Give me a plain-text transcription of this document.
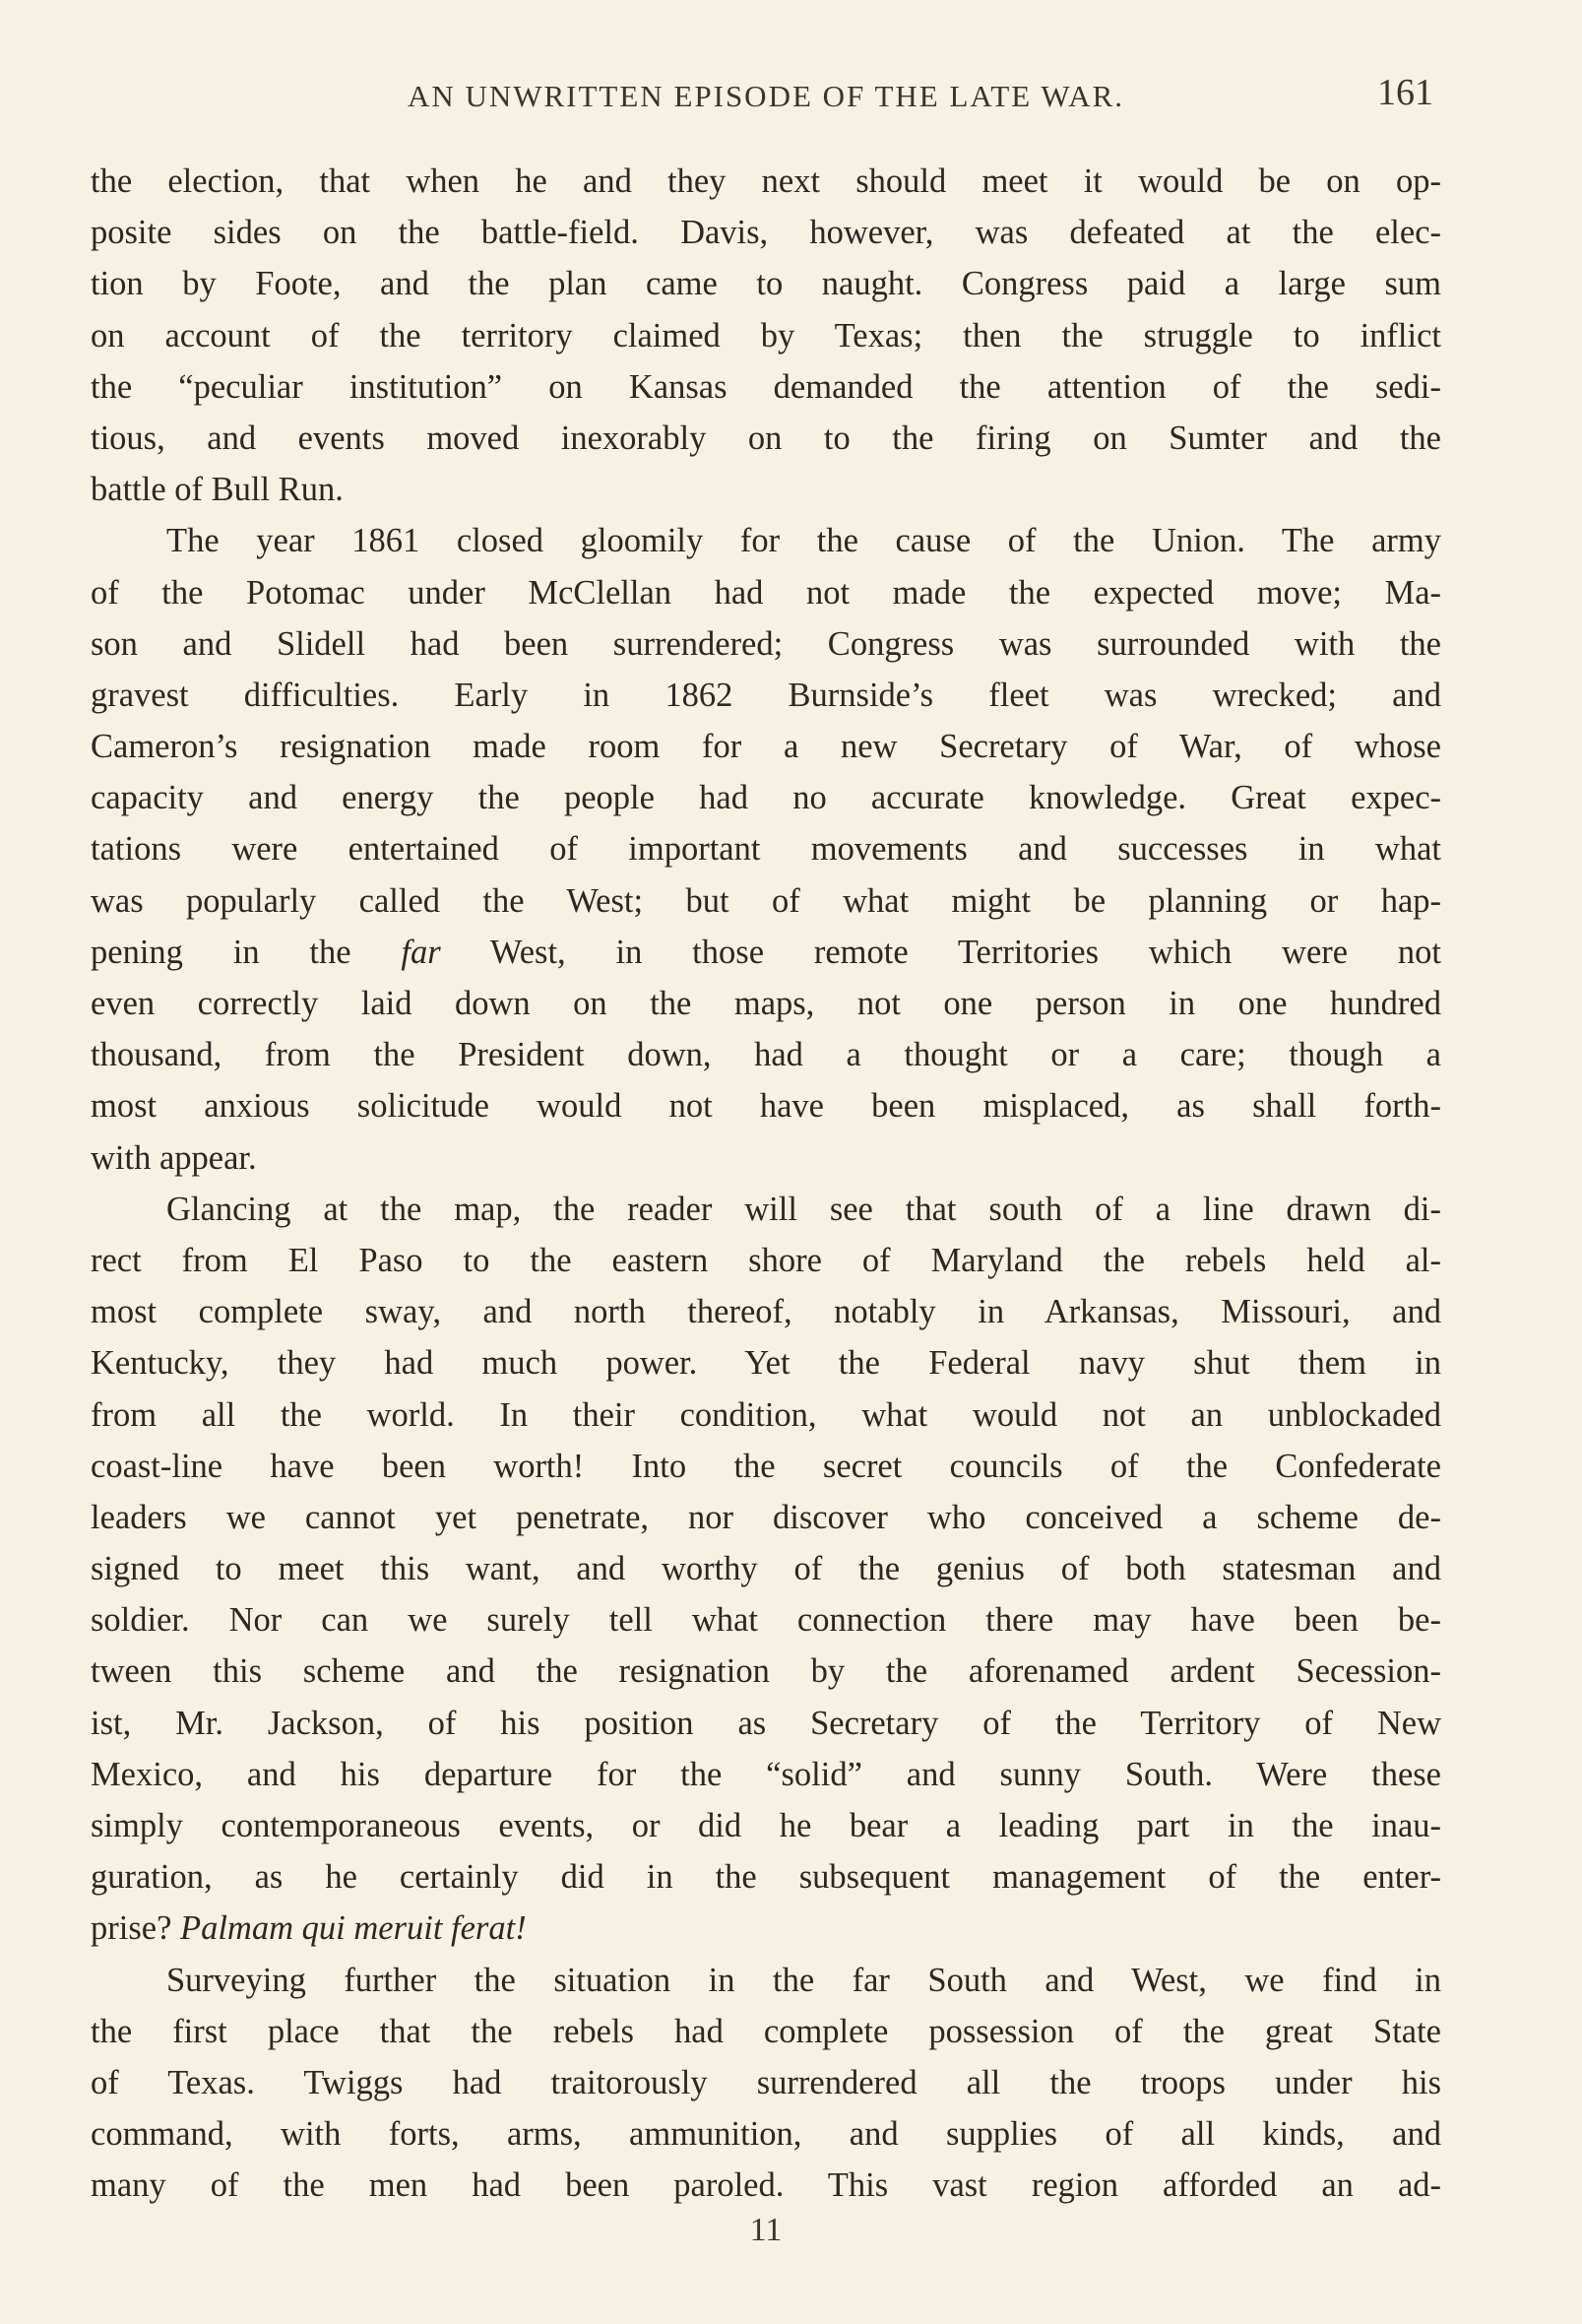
AN UNWRITTEN EPISODE OF THE LATE WAR.	161
the election, that when he and they next should meet it would be on op-
posite sides on the battle-field. Davis, however, was defeated at the elec-
tion by Foote, and the plan came to naught. Congress paid a large sum
on account of the territory claimed by Texas; then the struggle to inflict
the “peculiar institution” on Kansas demanded the attention of the sedi-
tious, and events moved inexorably on to the firing on Sumter and the
battle of Bull Run.
The year 1861 closed gloomily for the cause of the Union. The army
of the Potomac under McClellan had not made the expected move; Ma-
son and Slidell had been surrendered; Congress was surrounded with the
gravest difficulties. Early in 1862 Burnside’s fleet was wrecked; and
Cameron’s resignation made room for a new Secretary of War, of whose
capacity and energy the people had no accurate knowledge. Great expec-
tations were entertained of important movements and successes in what
was popularly called the West; but of what might be planning or hap-
pening in the far West, in those remote Territories which were not
even correctly laid down on the maps, not one person in one hundred
thousand, from the President down, had a thought or a care; though a
most anxious solicitude would not have been misplaced, as shall forth-
with appear.
Glancing at the map, the reader will see that south of a line drawn di-
rect from El Paso to the eastern shore of Maryland the rebels held al-
most complete sway, and north thereof, notably in Arkansas, Missouri, and
Kentucky, they had much power. Yet the Federal navy shut them in
from all the world. In their condition, what would not an unblockaded
coast-line have been worth! Into the secret councils of the Confederate
leaders we cannot yet penetrate, nor discover who conceived a scheme de-
signed to meet this want, and worthy of the genius of both statesman and
soldier. Nor can we surely tell what connection there may have been be-
tween this scheme and the resignation by the aforenamed ardent Secession-
ist, Mr. Jackson, of his position as Secretary of the Territory of New
Mexico, and his departure for the “solid” and sunny South. Were these
simply contemporaneous events, or did he bear a leading part in the inau-
guration, as he certainly did in the subsequent management of the enter-
prise? Palmam qui meruit ferat!
Surveying further the situation in the far South and West, we find in
the first place that the rebels had complete possession of the great State
of Texas. Twiggs had traitorously surrendered all the troops under his
command, with forts, arms, ammunition, and supplies of all kinds, and
many of the men had been paroled. This vast region afforded an ad-
11
